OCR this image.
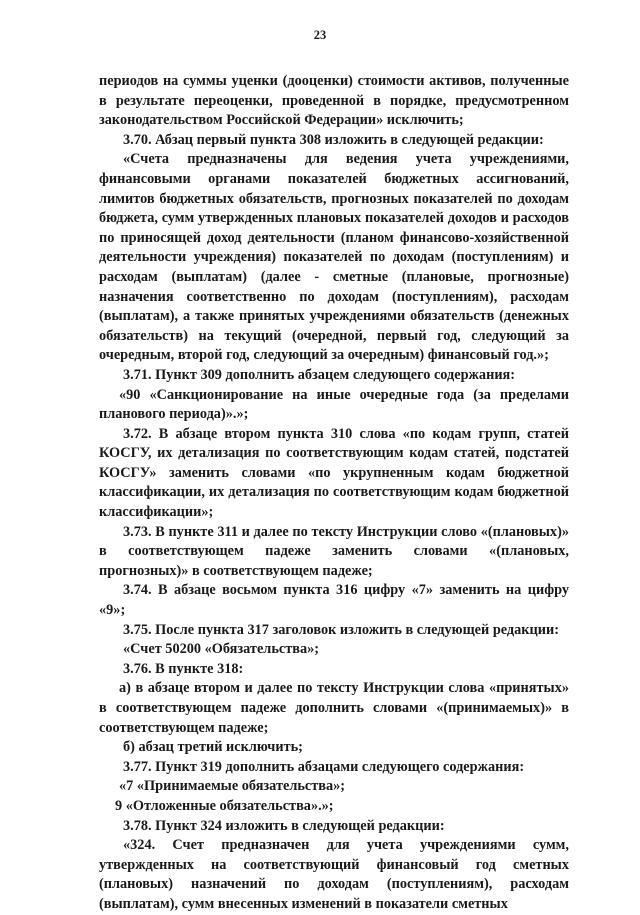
23

периодов на суммы уценки (дооценки) стоимости активов, полученные в результате переоценки, проведенной в порядке, предусмотренном законодательством Российской Федерации» исключить;

3.70. Абзац первый пункта 308 изложить в следующей редакции:

«Счета предназначены для ведения учета учреждениями, финансовыми органами показателей бюджетных ассигнований, лимитов бюджетных обязательств, прогнозных показателей по доходам бюджета, сумм утвержденных плановых показателей доходов и расходов по приносящей доход деятельности (планом финансово-хозяйственной деятельности учреждения) показателей по доходам (поступлениям) и расходам (выплатам) (далее - сметные (плановые, прогнозные) назначения соответственно по доходам (поступлениям), расходам (выплатам), а также принятых учреждениями обязательств (денежных обязательств) на текущий (очередной, первый год, следующий за очередным, второй год, следующий за очередным) финансовый год.»;

3.71. Пункт 309 дополнить абзацем следующего содержания:

«90 «Санкционирование на иные очередные года (за пределами планового периода)».»;

3.72. В абзаце втором пункта 310 слова «по кодам групп, статей КОСГУ, их детализация по соответствующим кодам статей, подстатей КОСГУ» заменить словами «по укрупненным кодам бюджетной классификации, их детализация по соответствующим кодам бюджетной классификации»;

3.73. В пункте 311 и далее по тексту Инструкции слово «(плановых)» в соответствующем падеже заменить словами «(плановых, прогнозных)» в соответствующем падеже;

3.74. В абзаце восьмом пункта 316 цифру «7» заменить на цифру «9»;

3.75. После пункта 317 заголовок изложить в следующей редакции:

«Счет 50200 «Обязательства»;

3.76. В пункте 318:

а) в абзаце втором и далее по тексту Инструкции слова «принятых» в соответствующем падеже дополнить словами «(принимаемых)» в соответствующем падеже;

б) абзац третий исключить;

3.77. Пункт 319 дополнить абзацами следующего содержания:

«7 «Принимаемые обязательства»;

9 «Отложенные обязательства».»;

3.78. Пункт 324 изложить в следующей редакции:

«324. Счет предназначен для учета учреждениями сумм, утвержденных на соответствующий финансовый год сметных (плановых) назначений по доходам (поступлениям), расходам (выплатам), сумм внесенных изменений в показатели сметных
